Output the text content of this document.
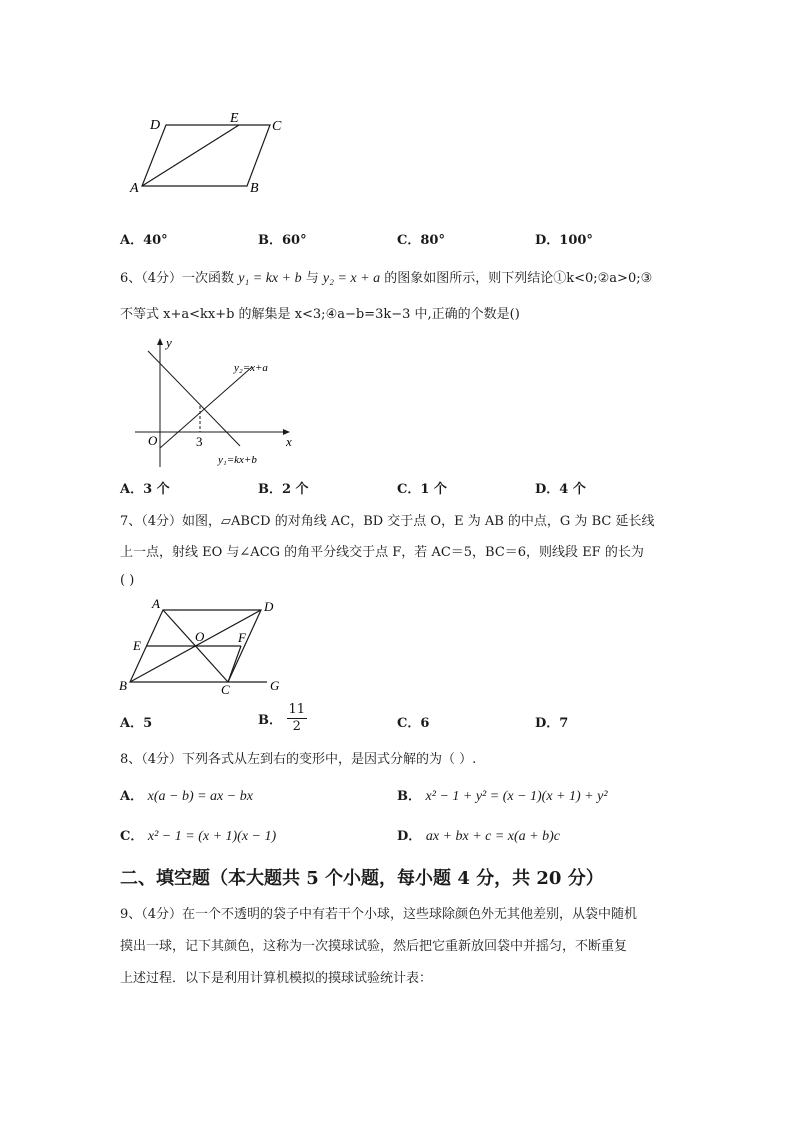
D	E
C
A	B
A．40°	B．60°	C．80°	D．100°
6、（4分）一次函数 y₁ = kx + b 与 y₂ = x + a 的图象如图所示，则下列结论①k<0;②a>0;③
不等式 x+a<kx+b 的解集是 x<3;④a−b=3k−3 中,正确的个数是()
y
x
O	3
y₂=x+a
y₁=kx+b
A．3 个	B．2 个	C．1 个	D．4 个
7、（4分）如图，▱ABCD 的对角线 AC，BD 交于点 O，E 为 AB 的中点，G 为 BC 延长线
上一点，射线 EO 与∠ACG 的角平分线交于点 F，若 AC＝5，BC＝6，则线段 EF 的长为
( )
A	D
E
O	F
B	C	G
A．5	B． $\frac{11}{2}$	C．6	D．7
8、（4分）下列各式从左到右的变形中，是因式分解的为（ ）.
A． x(a − b) = ax − bx	B． x² − 1 + y² = (x − 1)(x + 1) + y²
C． x² − 1 = (x + 1)(x − 1)	D． ax + bx + c = x(a + b)c
二、填空题（本大题共 5 个小题，每小题 4 分，共 20 分）
9、（4分）在一个不透明的袋子中有若干个小球，这些球除颜色外无其他差别，从袋中随机
摸出一球，记下其颜色，这称为一次摸球试验，然后把它重新放回袋中并摇匀，不断重复
上述过程．以下是利用计算机模拟的摸球试验统计表：
